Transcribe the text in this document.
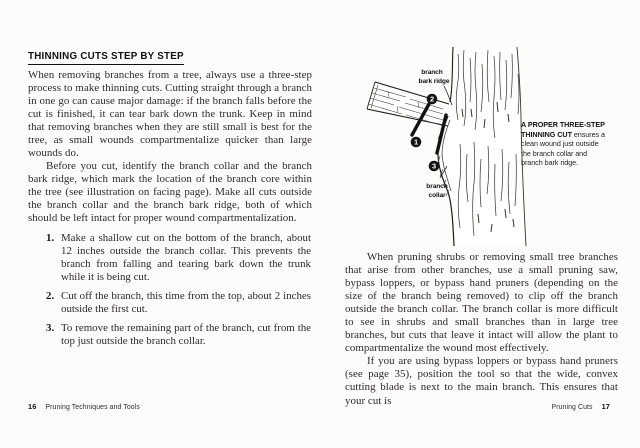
THINNING CUTS STEP BY STEP

When removing branches from a tree, always use a three-step process to make thinning cuts. Cutting straight through a branch in one go can cause major damage: if the branch falls before the cut is finished, it can tear bark down the trunk. Keep in mind that removing branches when they are still small is best for the tree, as small wounds compartmentalize quicker than large wounds do.

Before you cut, identify the branch collar and the branch bark ridge, which mark the location of the branch core within the tree (see illustration on facing page). Make all cuts outside the branch collar and the branch bark ridge, both of which should be left intact for proper wound compartmentalization.

1. Make a shallow cut on the bottom of the branch, about 12 inches outside the branch collar. This prevents the branch from falling and tearing bark down the trunk while it is being cut.
2. Cut off the branch, this time from the top, about 2 inches outside the first cut.
3. To remove the remaining part of the branch, cut from the top just outside the branch collar.
16 Pruning Techniques and Tools
2
1
3
branch
bark ridge
branch
collar
A PROPER THREE-STEP THINNING CUT ensures a clean wound just outside the branch collar and branch bark ridge.

When pruning shrubs or removing small tree branches that arise from other branches, use a small pruning saw, bypass loppers, or bypass hand pruners (depending on the size of the branch being removed) to clip off the branch outside the branch collar. The branch collar is more difficult to see in shrubs and small branches than in large tree branches, but cuts that leave it intact will allow the plant to compartmentalize the wound most effectively.

If you are using bypass loppers or bypass hand pruners (see page 35), position the tool so that the wide, convex cutting blade is next to the main branch. This ensures that your cut is

Pruning Cuts 17
